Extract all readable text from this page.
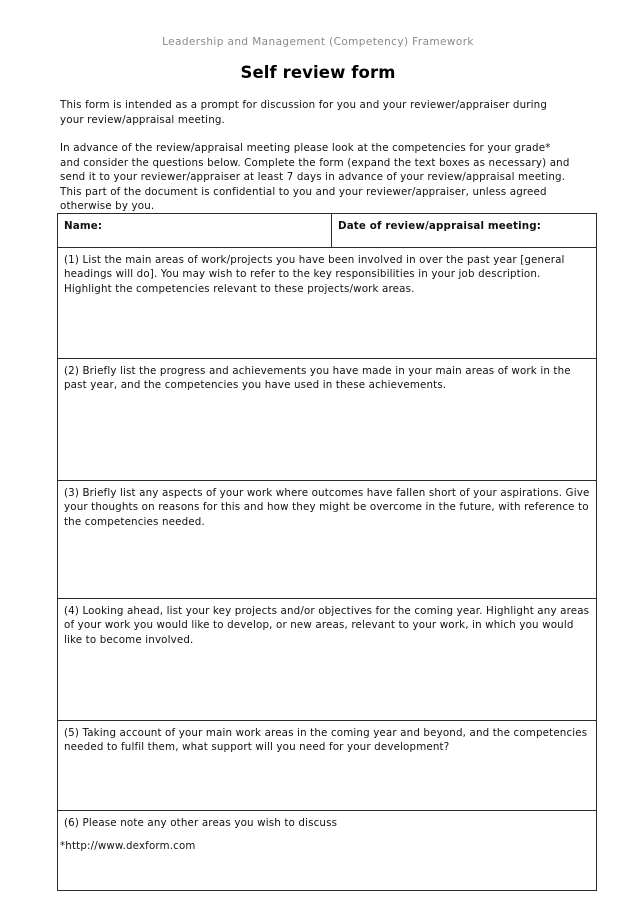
Leadership and Management (Competency) Framework
Self review form
This form is intended as a prompt for discussion for you and your reviewer/appraiser during your review/appraisal meeting.
In advance of the review/appraisal meeting please look at the competencies for your grade* and consider the questions below. Complete the form (expand the text boxes as necessary) and send it to your reviewer/appraiser at least 7 days in advance of your review/appraisal meeting. This part of the document is confidential to you and your reviewer/appraiser, unless agreed otherwise by you.
Name:	Date of review/appraisal meeting:

(1) List the main areas of work/projects you have been involved in over the past year [general headings will do]. You may wish to refer to the key responsibilities in your job description. Highlight the competencies relevant to these projects/work areas.

(2) Briefly list the progress and achievements you have made in your main areas of work in the past year, and the competencies you have used in these achievements.

(3) Briefly list any aspects of your work where outcomes have fallen short of your aspirations. Give your thoughts on reasons for this and how they might be overcome in the future, with reference to the competencies needed.

(4) Looking ahead, list your key projects and/or objectives for the coming year. Highlight any areas of your work you would like to develop, or new areas, relevant to your work, in which you would like to become involved.

(5) Taking account of your main work areas in the coming year and beyond, and the competencies needed to fulfil them, what support will you need for your development?

(6) Please note any other areas you wish to discuss
*http://www.dexform.com
